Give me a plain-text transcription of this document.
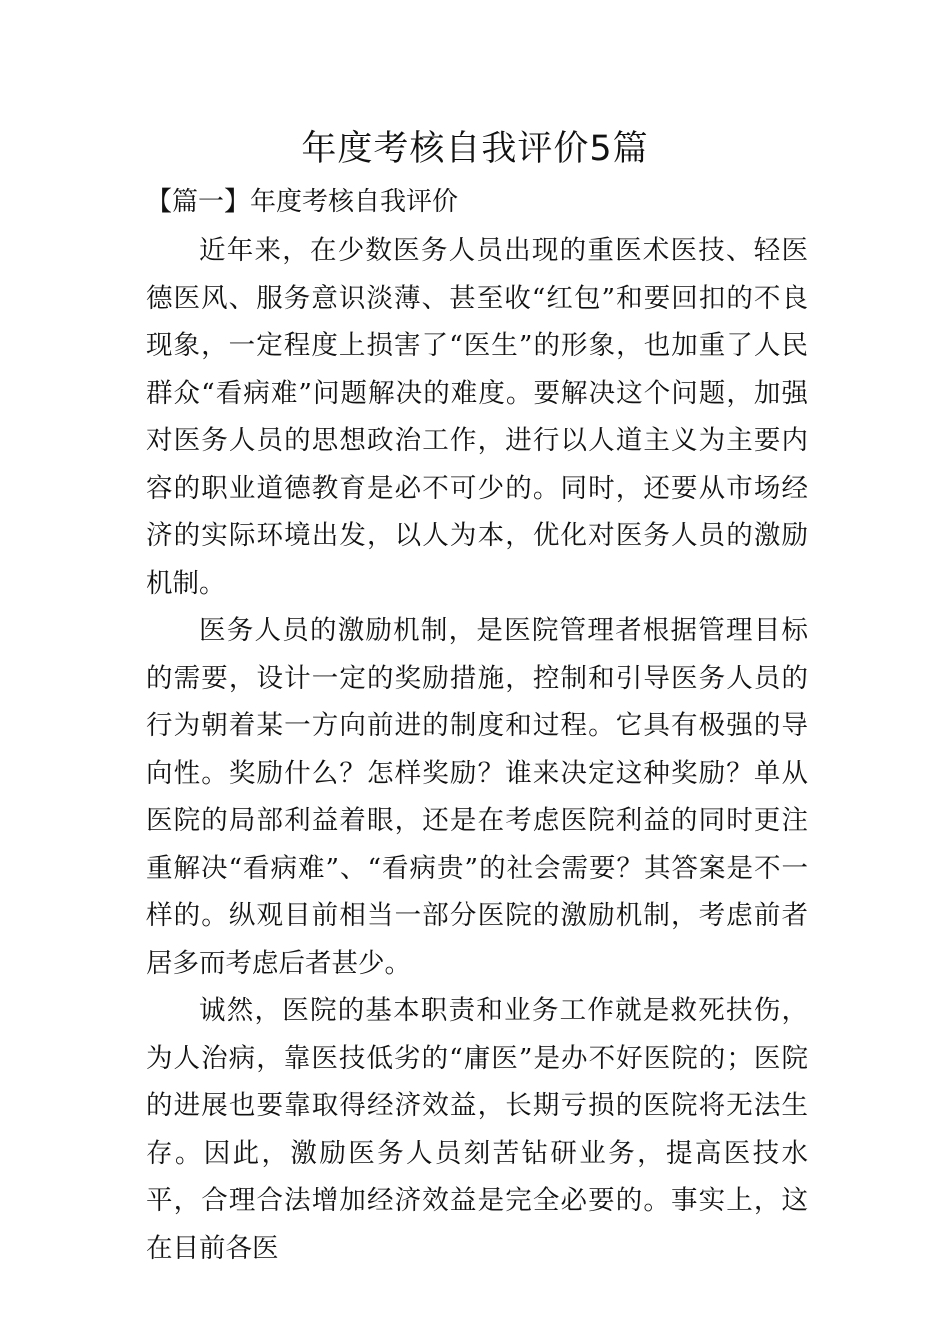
年度考核自我评价5篇
【篇一】年度考核自我评价

近年来，在少数医务人员出现的重医术医技、轻医德医风、服务意识淡薄、甚至收“红包”和要回扣的不良现象，一定程度上损害了“医生”的形象，也加重了人民群众“看病难”问题解决的难度。要解决这个问题，加强对医务人员的思想政治工作，进行以人道主义为主要内容的职业道德教育是必不可少的。同时，还要从市场经济的实际环境出发，以人为本，优化对医务人员的激励机制。

医务人员的激励机制，是医院管理者根据管理目标的需要，设计一定的奖励措施，控制和引导医务人员的行为朝着某一方向前进的制度和过程。它具有极强的导向性。奖励什么？怎样奖励？谁来决定这种奖励？单从医院的局部利益着眼，还是在考虑医院利益的同时更注重解决“看病难”、“看病贵”的社会需要？其答案是不一样的。纵观目前相当一部分医院的激励机制，考虑前者居多而考虑后者甚少。

诚然，医院的基本职责和业务工作就是救死扶伤，为人治病，靠医技低劣的“庸医”是办不好医院的；医院的进展也要靠取得经济效益，长期亏损的医院将无法生存。因此，激励医务人员刻苦钻研业务，提高医技水平，合理合法增加经济效益是完全必要的。事实上，这在目前各医
